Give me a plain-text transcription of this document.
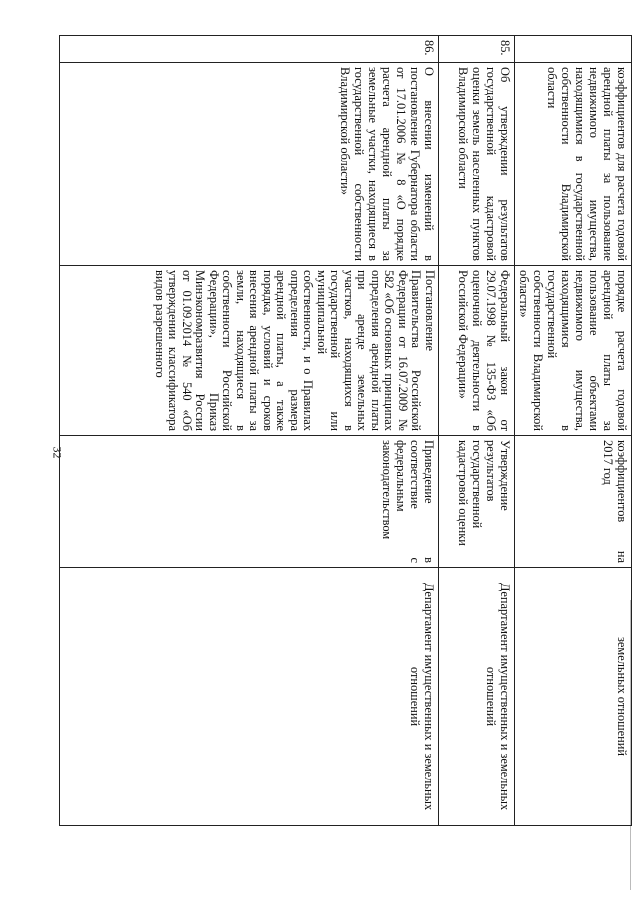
32
	коэффициентов для расчета годовой арендной платы за пользование недвижимого имущества, находящимися в государственной собственности Владимирской области	порядке расчета годовой арендной платы за пользование объектами недвижимого имущества, находящимися в государственной собственности Владимирской области»	коэффициентов на 2017 год	земельных отношений
85.	Об утверждении результатов государственной кадастровой оценки земель населенных пунктов Владимирской области	Федеральный закон от 29.07.1998 № 135-ФЗ «Об оценочной деятельности в Российской Федерации»	Утверждение результатов государственной кадастровой оценки	Департамент имущественных и земельных отношений
86.	О внесении изменений в постановление Губернатора области от 17.01.2006 № 8 «О порядке расчета арендной платы за земельные участки, находящиеся в государственной собственности Владимирской области»	Постановление Правительства Российской Федерации от 16.07.2009 № 582 «Об основных принципах определения арендной платы при аренде земельных участков, находящихся в государственной или муниципальной собственности, и о Правилах определения размера арендной платы, а также порядка, условий и сроков внесения арендной платы за земли, находящиеся в собственности Российской Федерации», Приказ Минэкономразвития России от 01.09.2014 № 540 «Об утверждении классификатора видов разрешенного	Приведение в соответствие с федеральным законодательством	Департамент имущественных и земельных отношений
